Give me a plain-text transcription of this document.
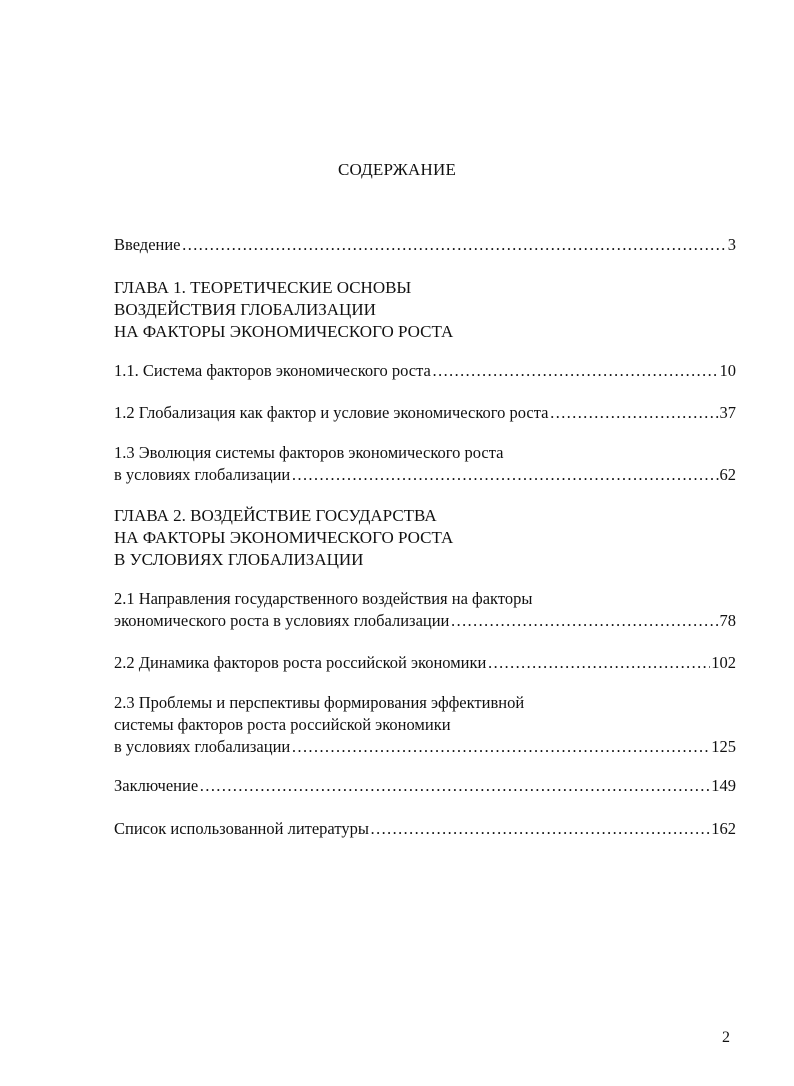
СОДЕРЖАНИЕ
Введение ………………………………………………………………………………………………………………………………………………	3
ГЛАВА 1. ТЕОРЕТИЧЕСКИЕ ОСНОВЫ
ВОЗДЕЙСТВИЯ ГЛОБАЛИЗАЦИИ
НА ФАКТОРЫ ЭКОНОМИЧЕСКОГО РОСТА
1.1. Система факторов экономического роста ………………………………………………………………………………………………………………………………………………	10
1.2 Глобализация как фактор и условие экономического роста ………………………………………………………………………………………………………………………………………………	37
1.3 Эволюция системы факторов экономического роста
в условиях глобализации ………………………………………………………………………………………………………………………………………………	62
ГЛАВА 2. ВОЗДЕЙСТВИЕ ГОСУДАРСТВА
НА ФАКТОРЫ ЭКОНОМИЧЕСКОГО РОСТА
В УСЛОВИЯХ ГЛОБАЛИЗАЦИИ
2.1 Направления государственного воздействия на факторы
экономического роста в условиях глобализации ………………………………………………………………………………………………………………………………………………	78
2.2 Динамика факторов роста российской экономики ………………………………………………………………………………………………………………………………………………	102
2.3 Проблемы и перспективы формирования эффективной
системы факторов роста российской экономики
в условиях глобализации ………………………………………………………………………………………………………………………………………………	125
Заключение ………………………………………………………………………………………………………………………………………………	149
Список использованной литературы ………………………………………………………………………………………………………………………………………………	162
2
